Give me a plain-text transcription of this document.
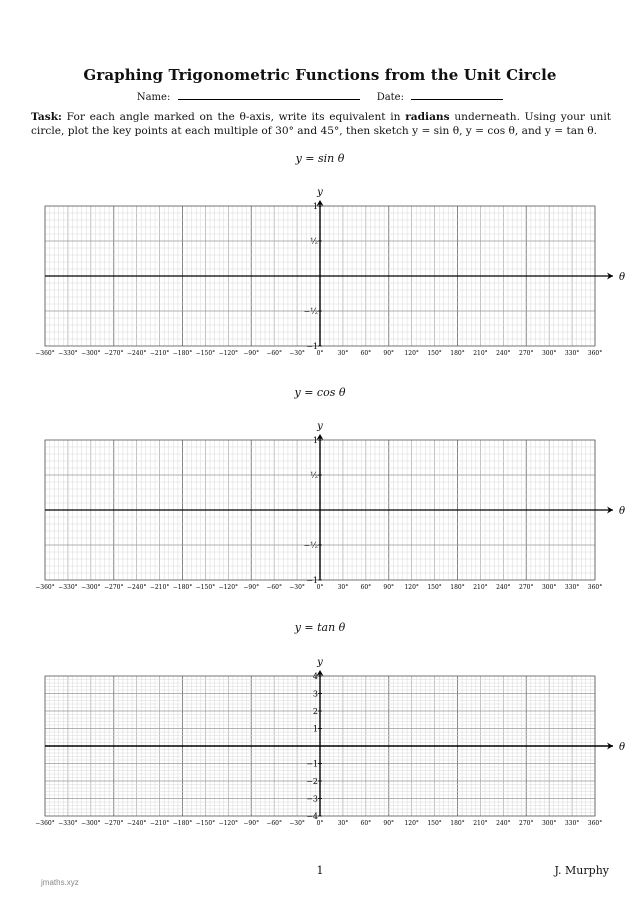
Graphing Trigonometric Functions from the Unit Circle
Name:	Date:
Task: For each angle marked on the θ-axis, write its equivalent in radians underneath. Using your unit circle, plot the key points at each multiple of 30° and 45°, then sketch y = sin θ, y = cos θ, and y = tan θ.
y = sin θ
y
θ
1
½
−½
−1
−360° −330° −300° −270° −240° −210° −180° −150° −120° −90° −60° −30° 0° 30° 60° 90° 120° 150° 180° 210° 240° 270° 300° 330° 360°
y = cos θ
y
θ
1
½
−½
−1
−360° −330° −300° −270° −240° −210° −180° −150° −120° −90° −60° −30° 0° 30° 60° 90° 120° 150° 180° 210° 240° 270° 300° 330° 360°
y = tan θ
y
θ
4
3
2
1
−1
−2
−3
−4
−360° −330° −300° −270° −240° −210° −180° −150° −120° −90° −60° −30° 0° 30° 60° 90° 120° 150° 180° 210° 240° 270° 300° 330° 360°
1	J. Murphy
jmaths.xyz
